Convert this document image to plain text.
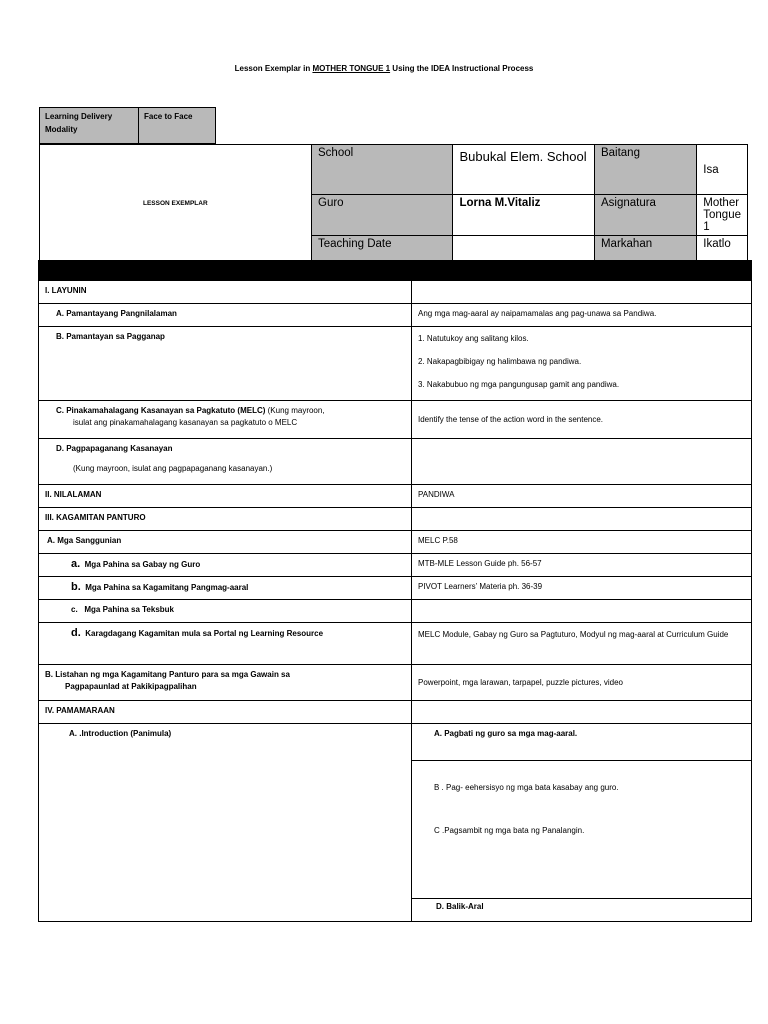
Lesson Exemplar in MOTHER TONGUE 1 Using the IDEA Instructional Process
Learning Delivery Modality	Face to Face
LESSON EXEMPLAR	School	Bubukal Elem. School	Baitang	Isa
	Guro	Lorna M.Vitaliz	Asignatura	Mother Tongue 1
	Teaching Date		Markahan	Ikatlo

I. LAYUNIN	
A. Pamantayang Pangnilalaman	Ang mga mag-aaral ay naipamamalas ang pag-unawa sa Pandiwa.
B. Pamantayan sa Pagganap	1. Natutukoy ang salitang kilos.
2. Nakapagbibigay ng halimbawa ng pandiwa.
3. Nakabubuo ng mga pangungusap gamit ang pandiwa.

C. Pinakamahalagang Kasanayan sa Pagkatuto (MELC) (Kung mayroon,
isulat ang pinakamahalagang kasanayan sa pagkatuto o MELC	Identify the tense of the action word in the sentence.

D. Pagpapaganang Kasanayan
(Kung mayroon, isulat ang pagpapaganang kasanayan.)	

II. NILALAMAN	PANDIWA
III. KAGAMITAN PANTURO	
A. Mga Sanggunian	MELC P.58
a. Mga Pahina sa Gabay ng Guro	MTB-MLE Lesson Guide ph. 56-57
b. Mga Pahina sa Kagamitang Pangmag-aaral	PIVOT Learners’ Materia ph. 36-39
c. Mga Pahina sa Teksbuk	
d. Karagdagang Kagamitan mula sa Portal ng Learning Resource	MELC Module, Gabay ng Guro sa Pagtuturo, Modyul ng mag-aaral at Curriculum Guide

B. Listahan ng mga Kagamitang Panturo para sa mga Gawain sa
Pagpapaunlad at Pakikipagpalihan	Powerpoint, mga larawan, tarpapel, puzzle pictures, video
IV. PAMAMARAAN	
A. .Introduction (Panimula)	A. Pagbati ng guro sa mga mag-aaral.

	B . Pag- eehersisyo ng mga bata kasabay ang guro.
C .Pagsambit ng mga bata ng Panalangin.

	D. Balik-Aral
